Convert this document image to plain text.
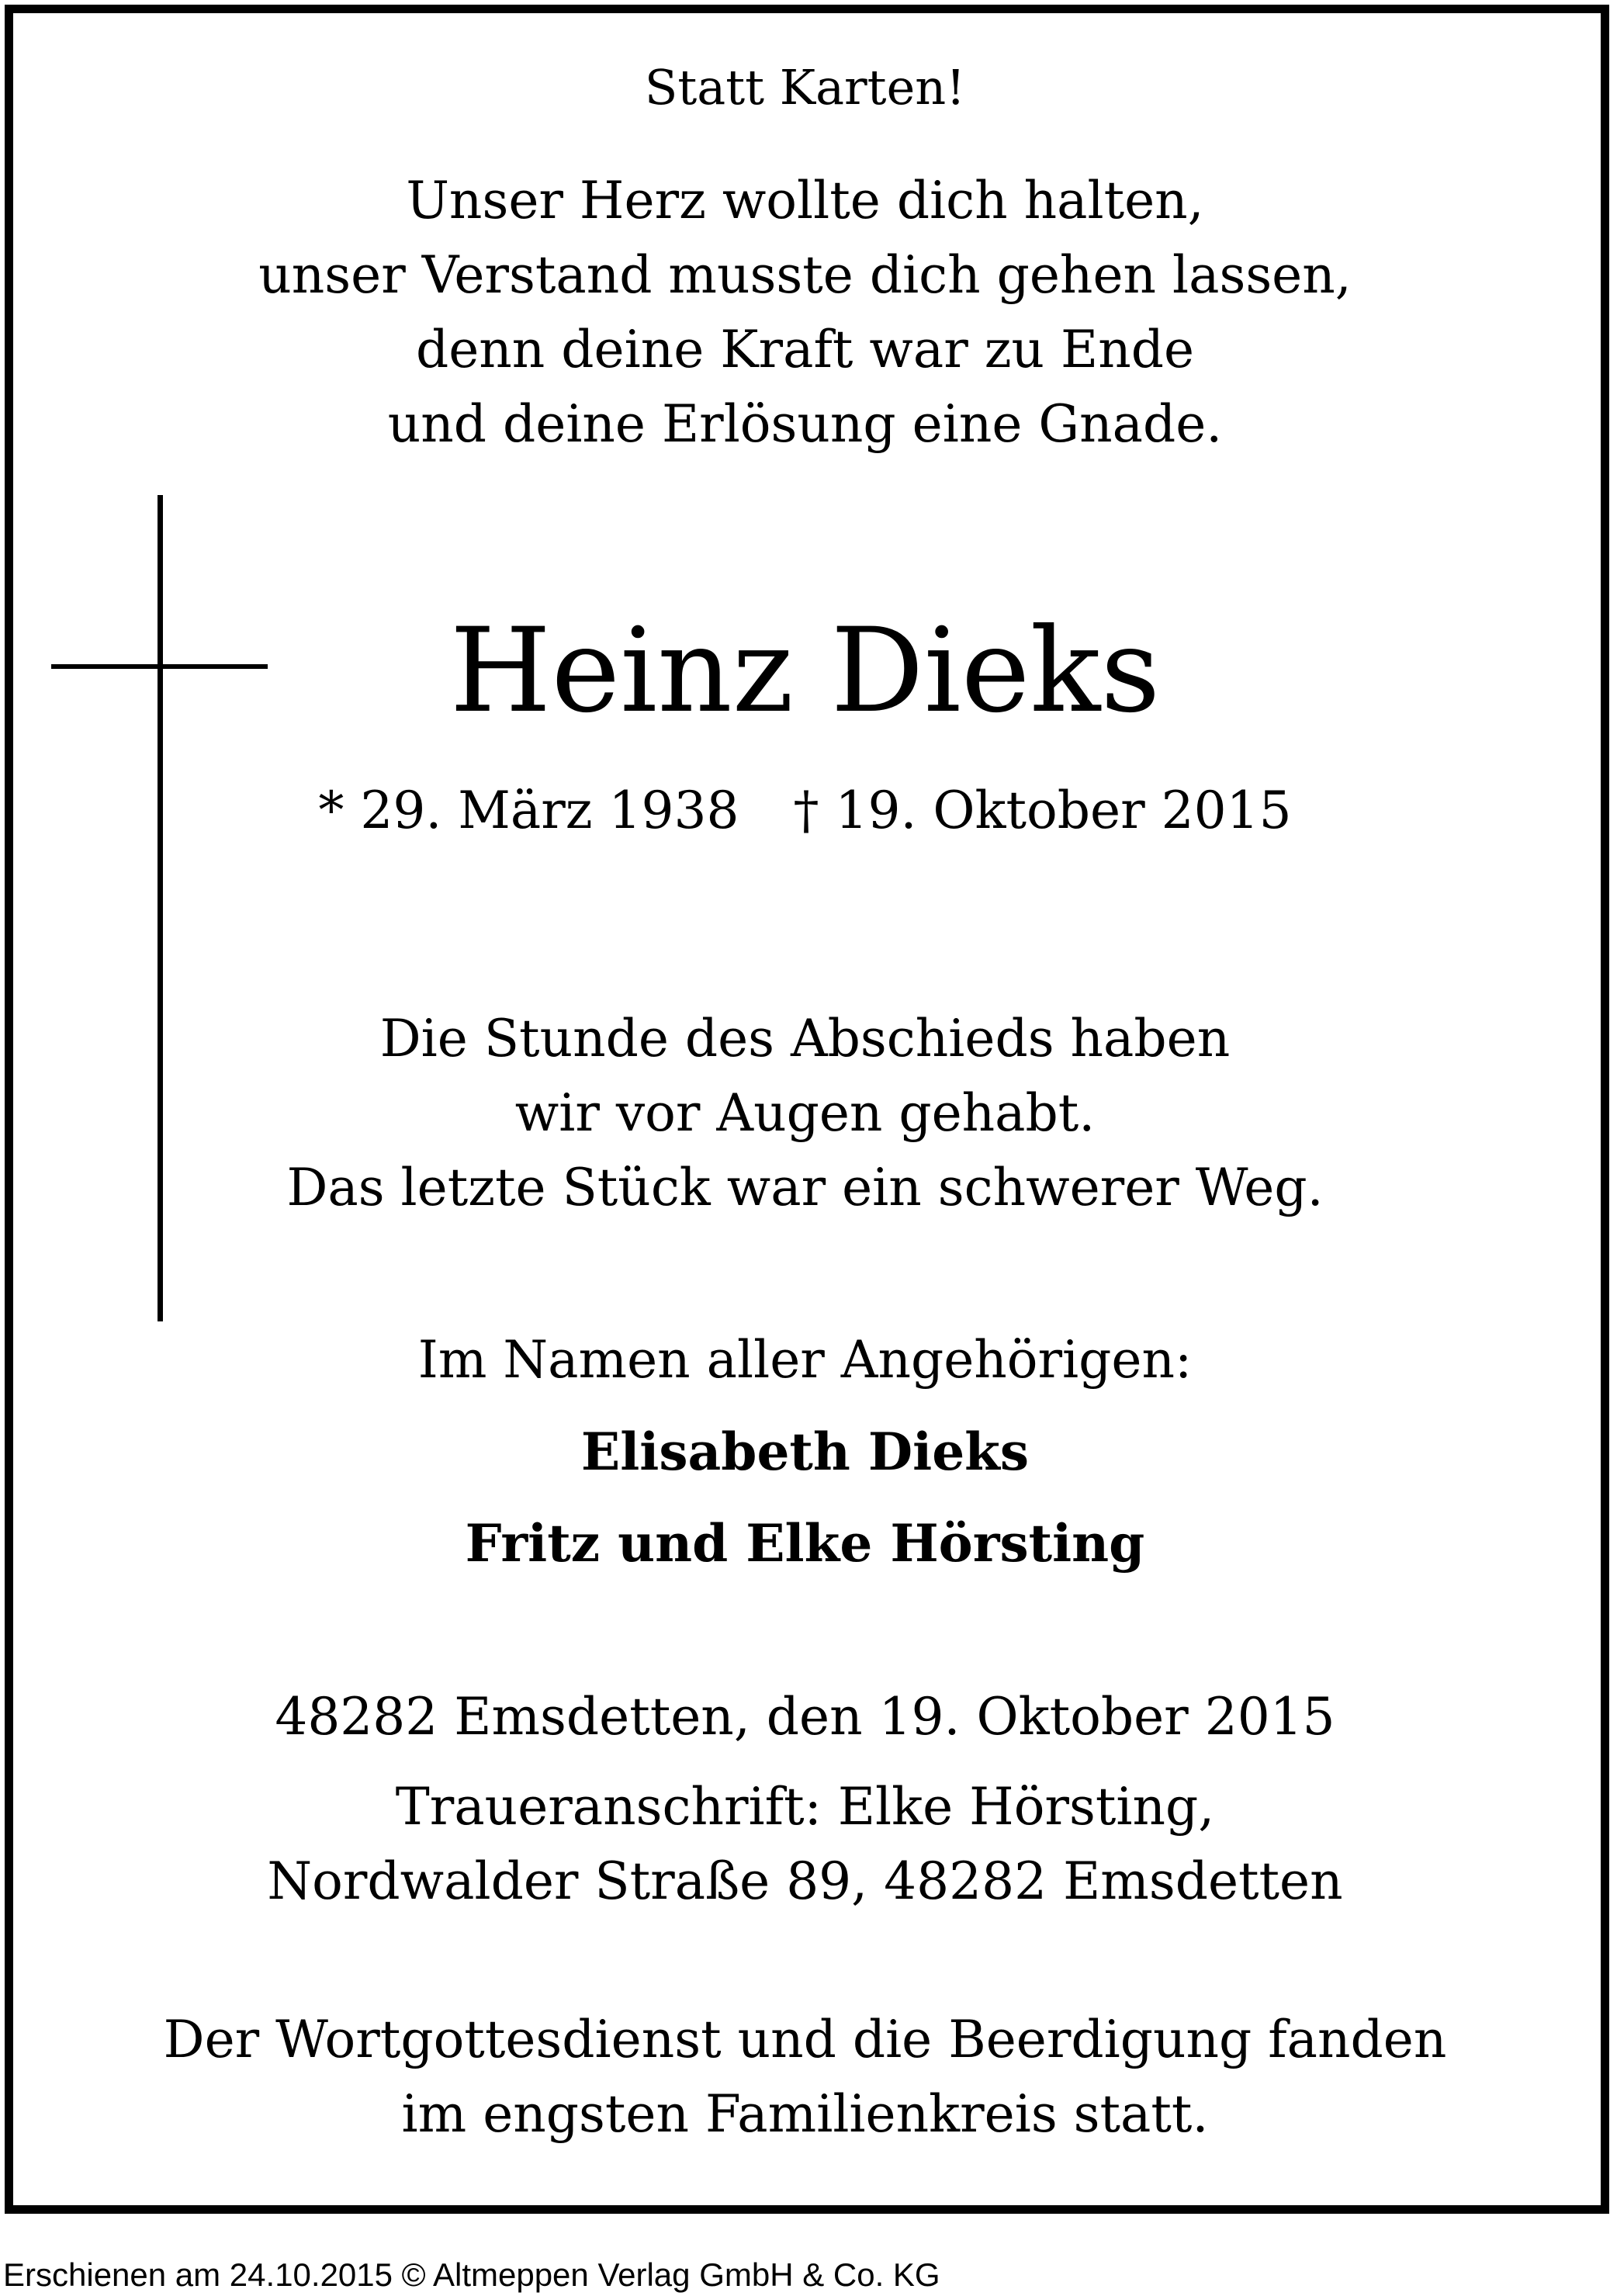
Statt Karten!
Unser Herz wollte dich halten,
unser Verstand musste dich gehen lassen,
denn deine Kraft war zu Ende
und deine Erlösung eine Gnade.
Heinz Dieks
* 29. März 1938 † 19. Oktober 2015
Die Stunde des Abschieds haben
wir vor Augen gehabt.
Das letzte Stück war ein schwerer Weg.
Im Namen aller Angehörigen:
Elisabeth Dieks
Fritz und Elke Hörsting
48282 Emsdetten, den 19. Oktober 2015
Traueranschrift: Elke Hörsting,
Nordwalder Straße 89, 48282 Emsdetten
Der Wortgottesdienst und die Beerdigung fanden
im engsten Familienkreis statt.
Erschienen am 24.10.2015 © Altmeppen Verlag GmbH & Co. KG
